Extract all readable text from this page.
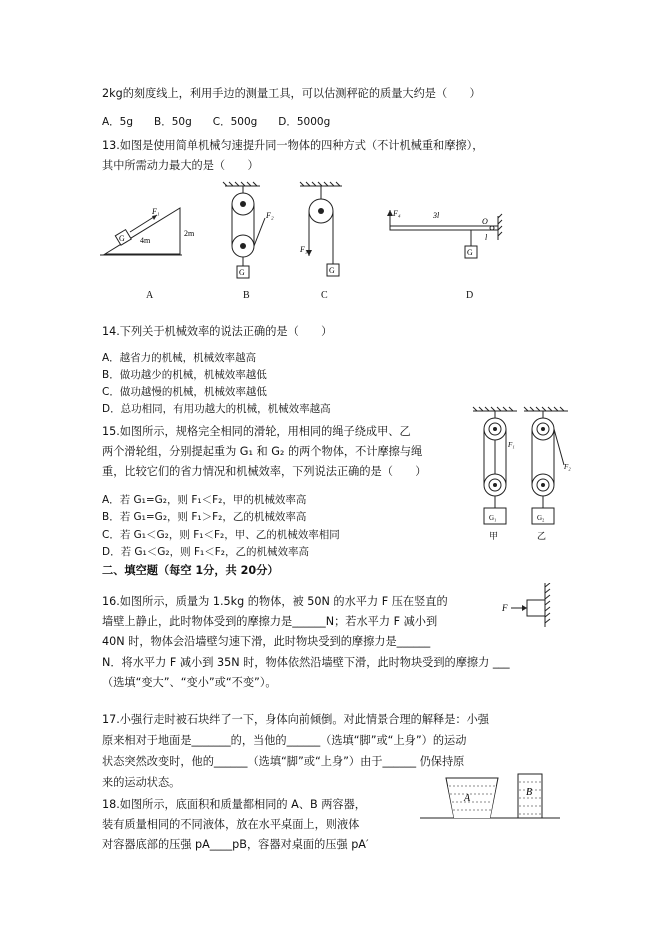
2kg的刻度线上，利用手边的测量工具，可以估测秤砣的质量大约是（　　）
A．5g　　B．50g　　C．500g　　D．5000g
13.如图是使用简单机械匀速提升同一物体的四种方式（不计机械重和摩擦），
其中所需动力最大的是（　　）
G
F₁
4m
2m
F₂
G
F₃
G
F₄	3l
O
l
G
A	B	C	D
14.下列关于机械效率的说法正确的是（　　）
A．越省力的机械，机械效率越高
B．做功越少的机械，机械效率越低
C．做功越慢的机械，机械效率越低
D．总功相同，有用功越大的机械，机械效率越高
15.如图所示，规格完全相同的滑轮，用相同的绳子绕成甲、乙
两个滑轮组，分别提起重为 G₁ 和 G₂ 的两个物体，不计摩擦与绳
重，比较它们的省力情况和机械效率，下列说法正确的是（　　）
A．若 G₁=G₂，则 F₁＜F₂，甲的机械效率高
B．若 G₁=G₂，则 F₁＞F₂，乙的机械效率高
C．若 G₁＜G₂，则 F₁＜F₂，甲、乙的机械效率相同
D．若 G₁＜G₂，则 F₁＜F₂，乙的机械效率高
F₁
G₁
甲
F₂
G₂
乙
二、填空题（每空 1分，共 20分）
16.如图所示，质量为 1.5kg 的物体，被 50N 的水平力 F 压在竖直的
墙壁上静止，此时物体受到的摩擦力是______N；若水平力 F 减小到
40N 时，物体会沿墙壁匀速下滑，此时物块受到的摩擦力是______
N．将水平力 F 减小到 35N 时，物体依然沿墙壁下滑，此时物块受到的摩擦力 ___
（选填“变大”、“变小”或“不变”）。
F
17.小强行走时被石块绊了一下，身体向前倾倒。对此情景合理的解释是：小强
原来相对于地面是_______的，当他的______（选填“脚”或“上身”）的运动
状态突然改变时，他的______（选填“脚”或“上身”）由于______ 仍保持原
来的运动状态。
18.如图所示，底面积和质量都相同的 A、B 两容器，
装有质量相同的不同液体，放在水平桌面上，则液体
对容器底部的压强 pA____pB，容器对桌面的压强 pA′
A
B
